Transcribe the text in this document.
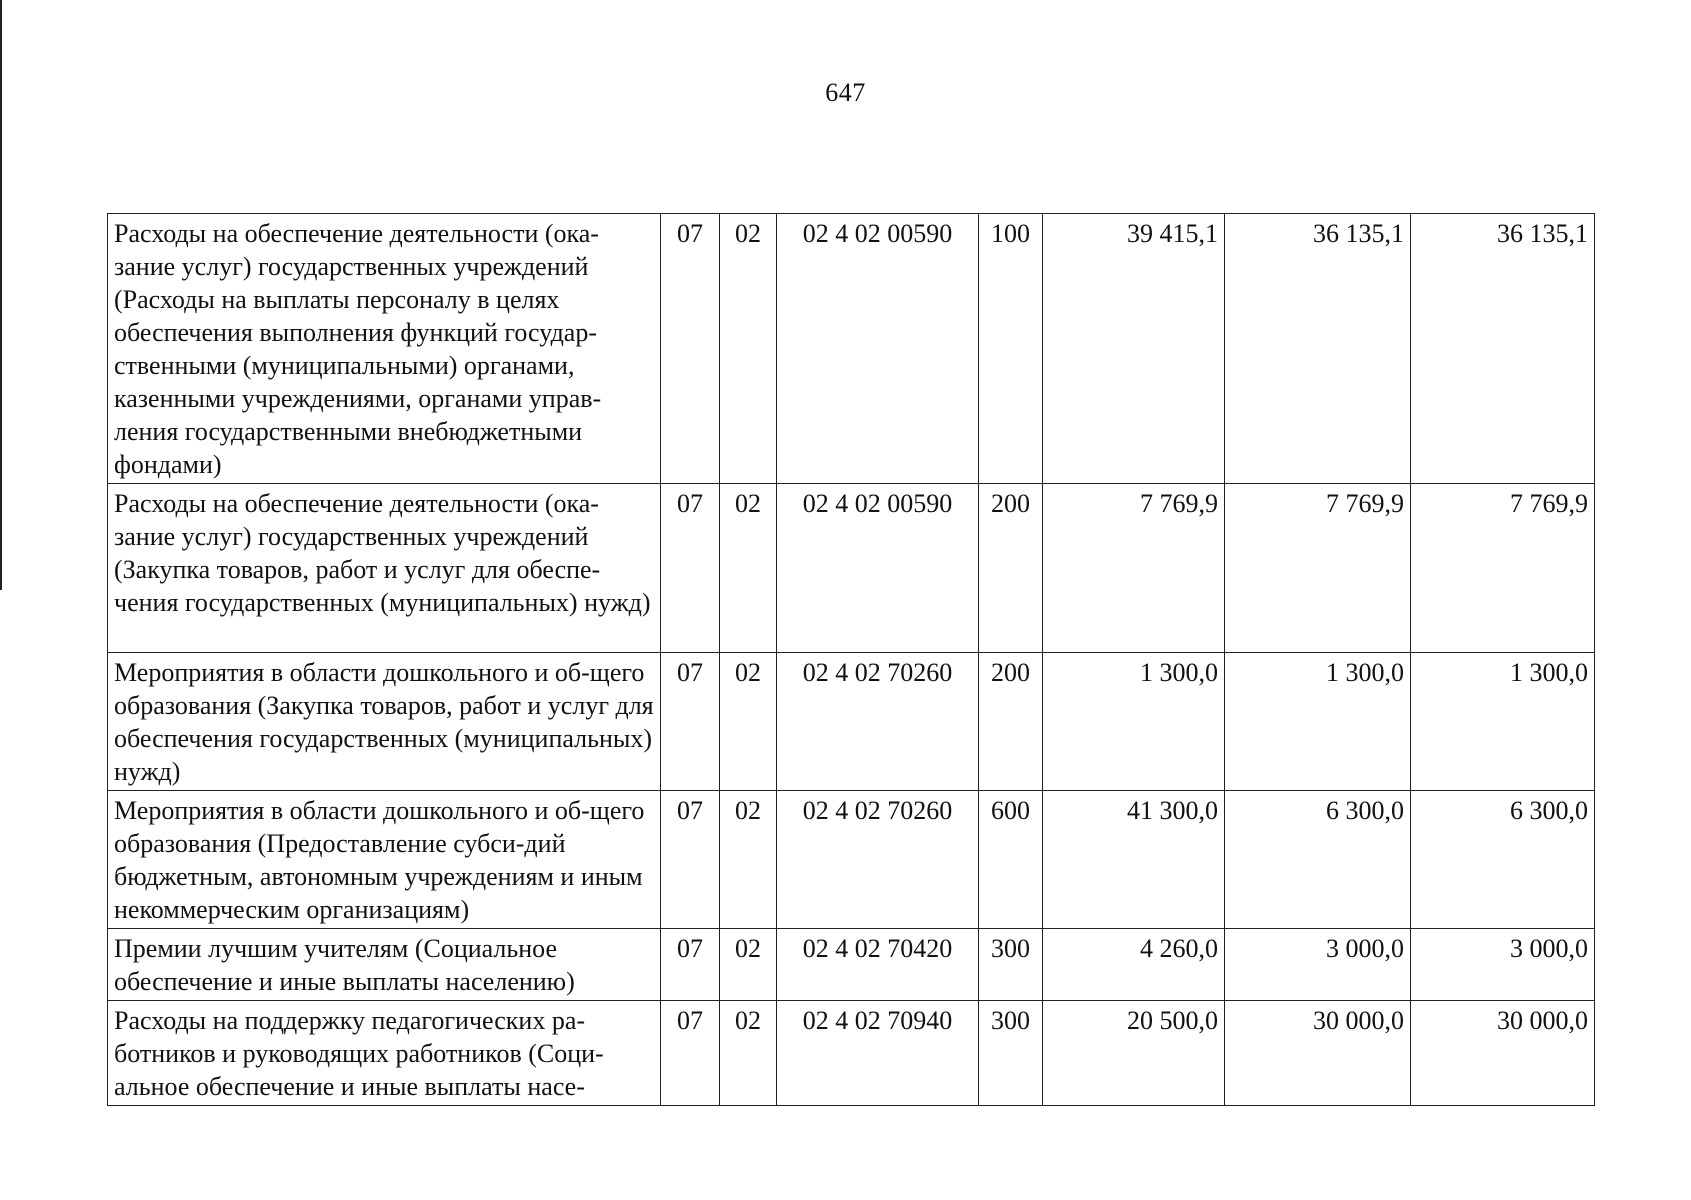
647
Расходы на обеспечение деятельности (ока-зание услуг) государственных учреждений (Расходы на выплаты персоналу в целях обеспечения выполнения функций государ-ственными (муниципальными) органами, казенными учреждениями, органами управ-ления государственными внебюджетными фондами)	07	02	02 4 02 00590	100	39 415,1	36 135,1	36 135,1
Расходы на обеспечение деятельности (ока-зание услуг) государственных учреждений (Закупка товаров, работ и услуг для обеспе-чения государственных (муниципальных) нужд)	07	02	02 4 02 00590	200	7 769,9	7 769,9	7 769,9
Мероприятия в области дошкольного и об-щего образования (Закупка товаров, работ и услуг для обеспечения государственных (муниципальных) нужд)	07	02	02 4 02 70260	200	1 300,0	1 300,0	1 300,0
Мероприятия в области дошкольного и об-щего образования (Предоставление субси-дий бюджетным, автономным учреждениям и иным некоммерческим организациям)	07	02	02 4 02 70260	600	41 300,0	6 300,0	6 300,0
Премии лучшим учителям (Социальное обеспечение и иные выплаты населению)	07	02	02 4 02 70420	300	4 260,0	3 000,0	3 000,0
Расходы на поддержку педагогических ра-ботников и руководящих работников (Соци-альное обеспечение и иные выплаты насе-	07	02	02 4 02 70940	300	20 500,0	30 000,0	30 000,0
